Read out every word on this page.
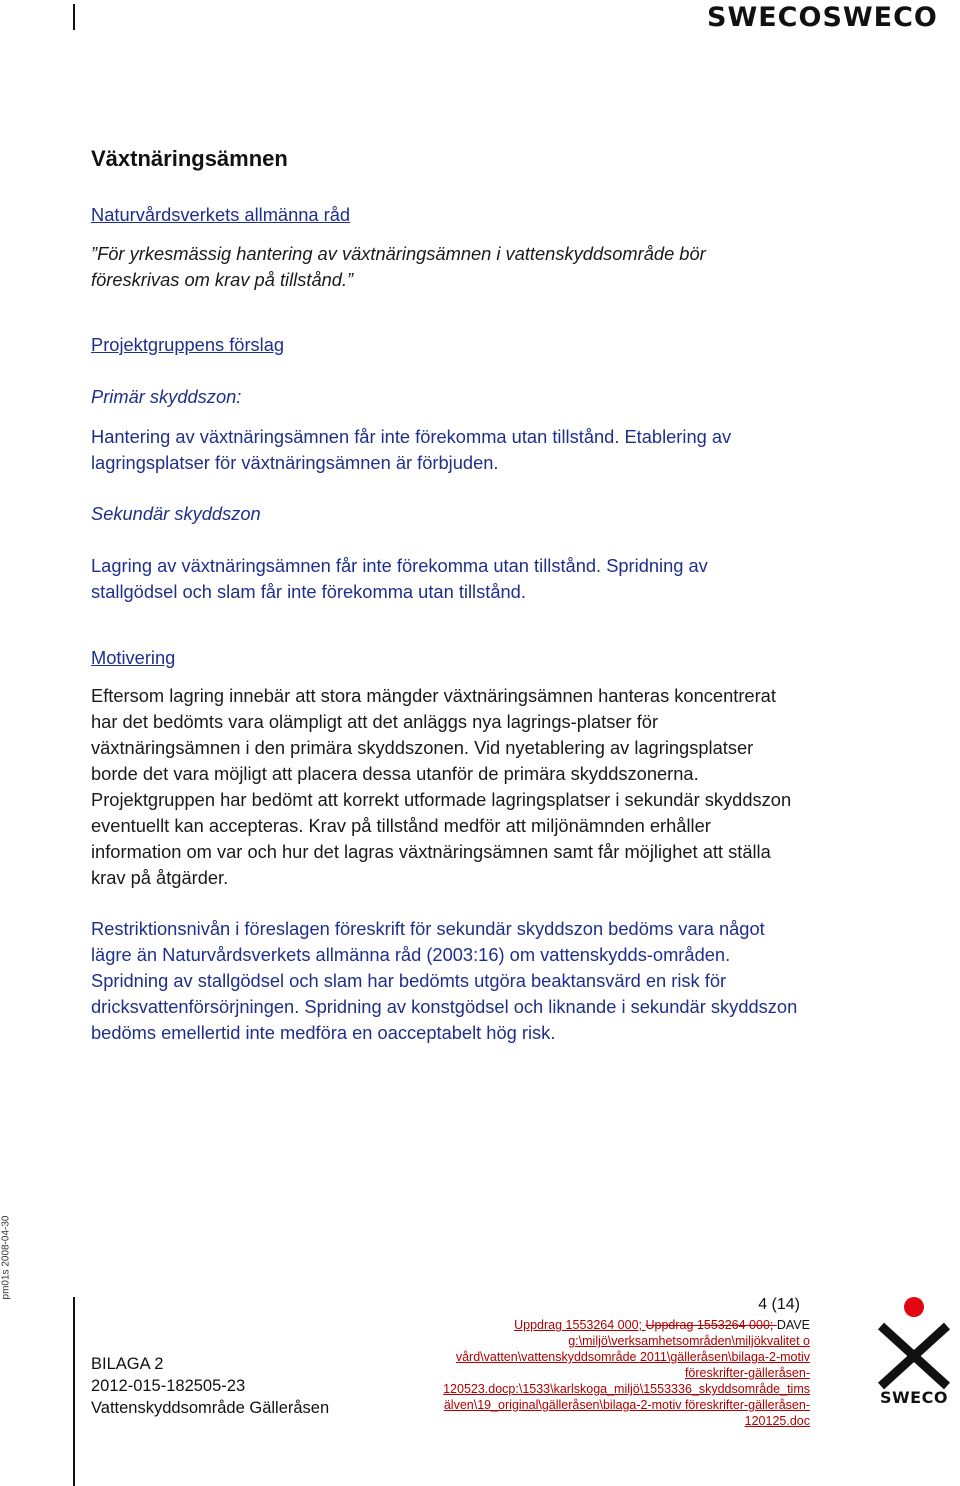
SWECOSWECO
Växtnäringsämnen

Naturvårdsverkets allmänna råd

”För yrkesmässig hantering av växtnäringsämnen i vattenskyddsområde bör föreskrivas om krav på tillstånd.”

Projektgruppens förslag

Primär skyddszon:

Hantering av växtnäringsämnen får inte förekomma utan tillstånd. Etablering av lagringsplatser för växtnäringsämnen är förbjuden.

Sekundär skyddszon

Lagring av växtnäringsämnen får inte förekomma utan tillstånd. Spridning av stallgödsel och slam får inte förekomma utan tillstånd.

Motivering

Eftersom lagring innebär att stora mängder växtnäringsämnen hanteras koncentrerat har det bedömts vara olämpligt att det anläggs nya lagrings-platser för växtnäringsämnen i den primära skyddszonen. Vid nyetablering av lagringsplatser borde det vara möjligt att placera dessa utanför de primära skyddszonerna. Projektgruppen har bedömt att korrekt utformade lagringsplatser i sekundär skyddszon eventuellt kan accepteras. Krav på tillstånd medför att miljönämnden erhåller information om var och hur det lagras växtnäringsämnen samt får möjlighet att ställa krav på åtgärder.

Restriktionsnivån i föreslagen föreskrift för sekundär skyddszon bedöms vara något lägre än Naturvårdsverkets allmänna råd (2003:16) om vattenskydds-områden. Spridning av stallgödsel och slam har bedömts utgöra beaktansvärd en risk för dricksvattenförsörjningen. Spridning av konstgödsel och liknande i sekundär skyddszon bedöms emellertid inte medföra en oacceptabelt hög risk.

pm01s 2008-04-30
4 (14)
BILAGA 2
2012-015-182505-23
Vattenskyddsområde Gälleråsen
Uppdrag 1553264 000; Uppdrag 1553264 000; DAVE
g:\miljö\verksamhetsområden\miljökvalitet o vård\vatten\vattenskyddsområde 2011\gälleråsen\bilaga-2-motiv föreskrifter-gälleråsen-120523.docp:\1533\karlskoga_miljö\1553336_skyddsområde_tims älven\19_original\gälleråsen\bilaga-2-motiv föreskrifter-gälleråsen-120125.doc
SWECO
